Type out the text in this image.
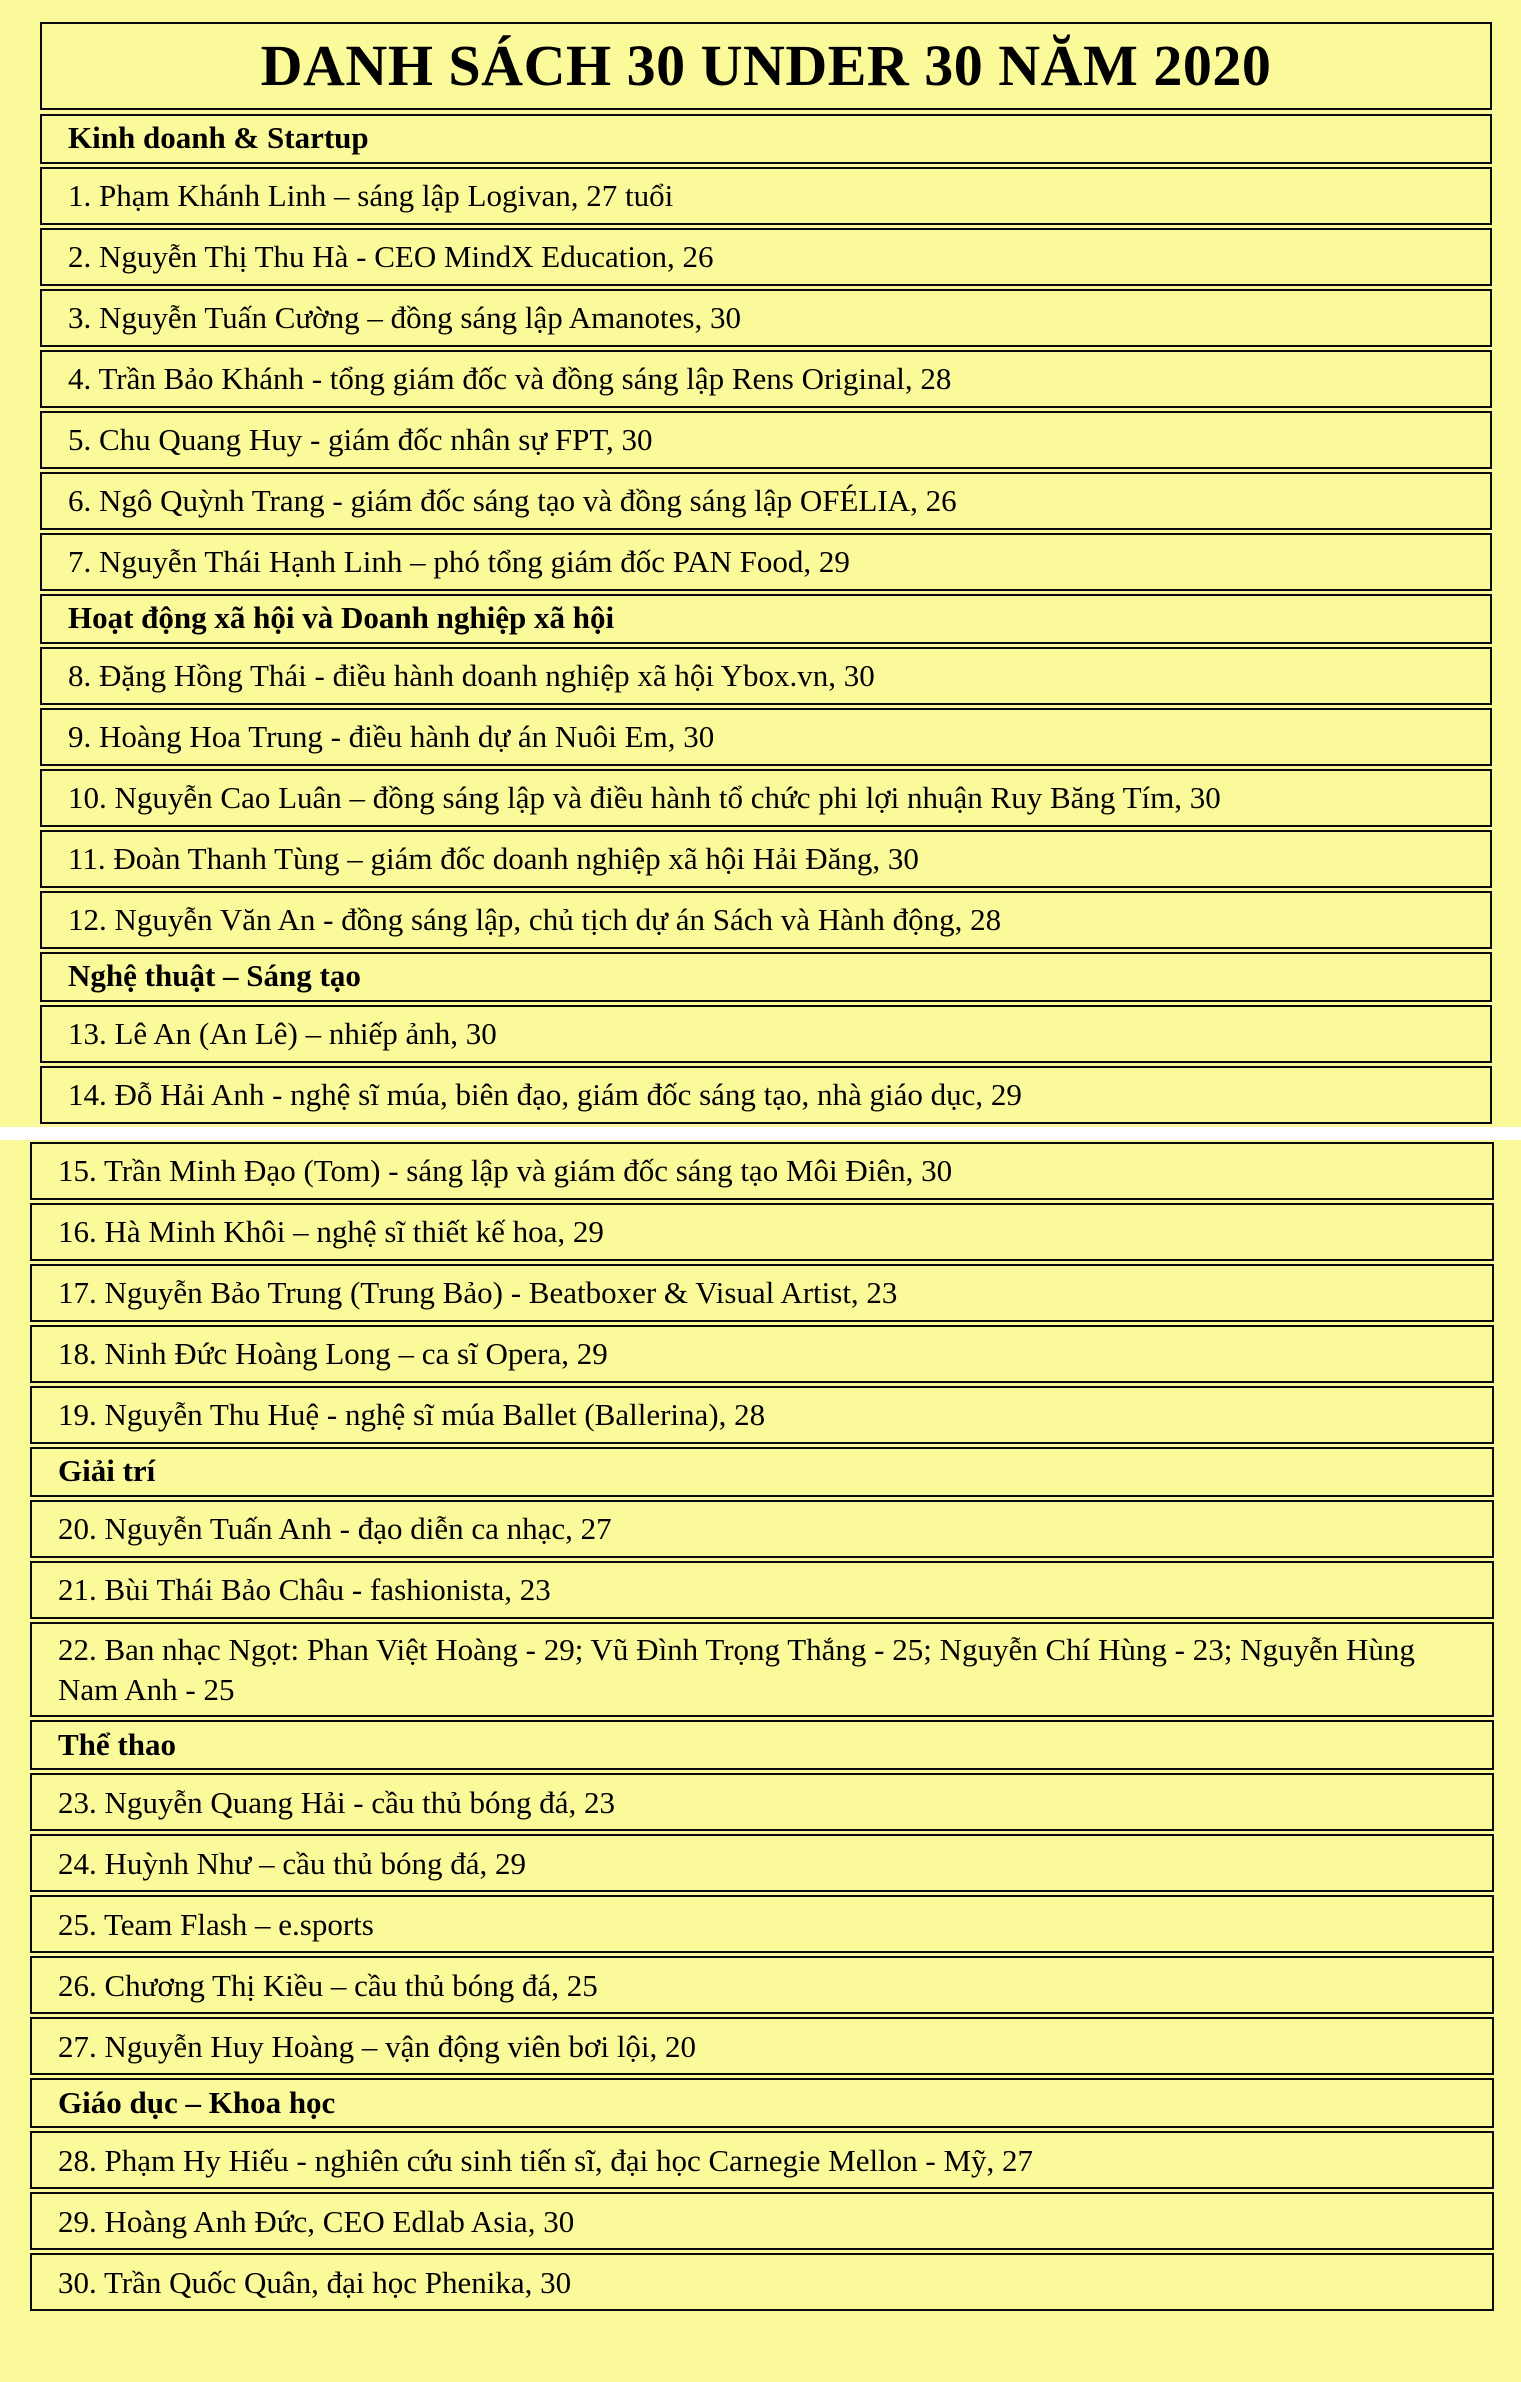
DANH SÁCH 30 UNDER 30 NĂM 2020
Kinh doanh & Startup
1. Phạm Khánh Linh – sáng lập Logivan, 27 tuổi
2. Nguyễn Thị Thu Hà - CEO MindX Education, 26
3. Nguyễn Tuấn Cường – đồng sáng lập Amanotes, 30
4. Trần Bảo Khánh - tổng giám đốc và đồng sáng lập Rens Original, 28
5. Chu Quang Huy - giám đốc nhân sự FPT, 30
6. Ngô Quỳnh Trang - giám đốc sáng tạo và đồng sáng lập OFÉLIA, 26
7. Nguyễn Thái Hạnh Linh – phó tổng giám đốc PAN Food, 29
Hoạt động xã hội và Doanh nghiệp xã hội
8. Đặng Hồng Thái - điều hành doanh nghiệp xã hội Ybox.vn, 30
9. Hoàng Hoa Trung - điều hành dự án Nuôi Em, 30
10. Nguyễn Cao Luân – đồng sáng lập và điều hành tổ chức phi lợi nhuận Ruy Băng Tím, 30
11. Đoàn Thanh Tùng – giám đốc doanh nghiệp xã hội Hải Đăng, 30
12. Nguyễn Văn An - đồng sáng lập, chủ tịch dự án Sách và Hành động, 28
Nghệ thuật – Sáng tạo
13. Lê An (An Lê) – nhiếp ảnh, 30
14. Đỗ Hải Anh - nghệ sĩ múa, biên đạo, giám đốc sáng tạo, nhà giáo dục, 29
15. Trần Minh Đạo (Tom) - sáng lập và giám đốc sáng tạo Môi Điên, 30
16. Hà Minh Khôi – nghệ sĩ thiết kế hoa, 29
17. Nguyễn Bảo Trung (Trung Bảo) - Beatboxer & Visual Artist, 23
18. Ninh Đức Hoàng Long – ca sĩ Opera, 29
19. Nguyễn Thu Huệ - nghệ sĩ múa Ballet (Ballerina), 28
Giải trí
20. Nguyễn Tuấn Anh - đạo diễn ca nhạc, 27
21. Bùi Thái Bảo Châu - fashionista, 23
22. Ban nhạc Ngọt: Phan Việt Hoàng - 29; Vũ Đình Trọng Thắng - 25; Nguyễn Chí Hùng - 23; Nguyễn Hùng Nam Anh - 25
Thể thao
23. Nguyễn Quang Hải - cầu thủ bóng đá, 23
24. Huỳnh Như – cầu thủ bóng đá, 29
25. Team Flash – e.sports
26. Chương Thị Kiều – cầu thủ bóng đá, 25
27. Nguyễn Huy Hoàng – vận động viên bơi lội, 20
Giáo dục – Khoa học
28. Phạm Hy Hiếu - nghiên cứu sinh tiến sĩ, đại học Carnegie Mellon - Mỹ, 27
29. Hoàng Anh Đức, CEO Edlab Asia, 30
30. Trần Quốc Quân, đại học Phenika, 30
